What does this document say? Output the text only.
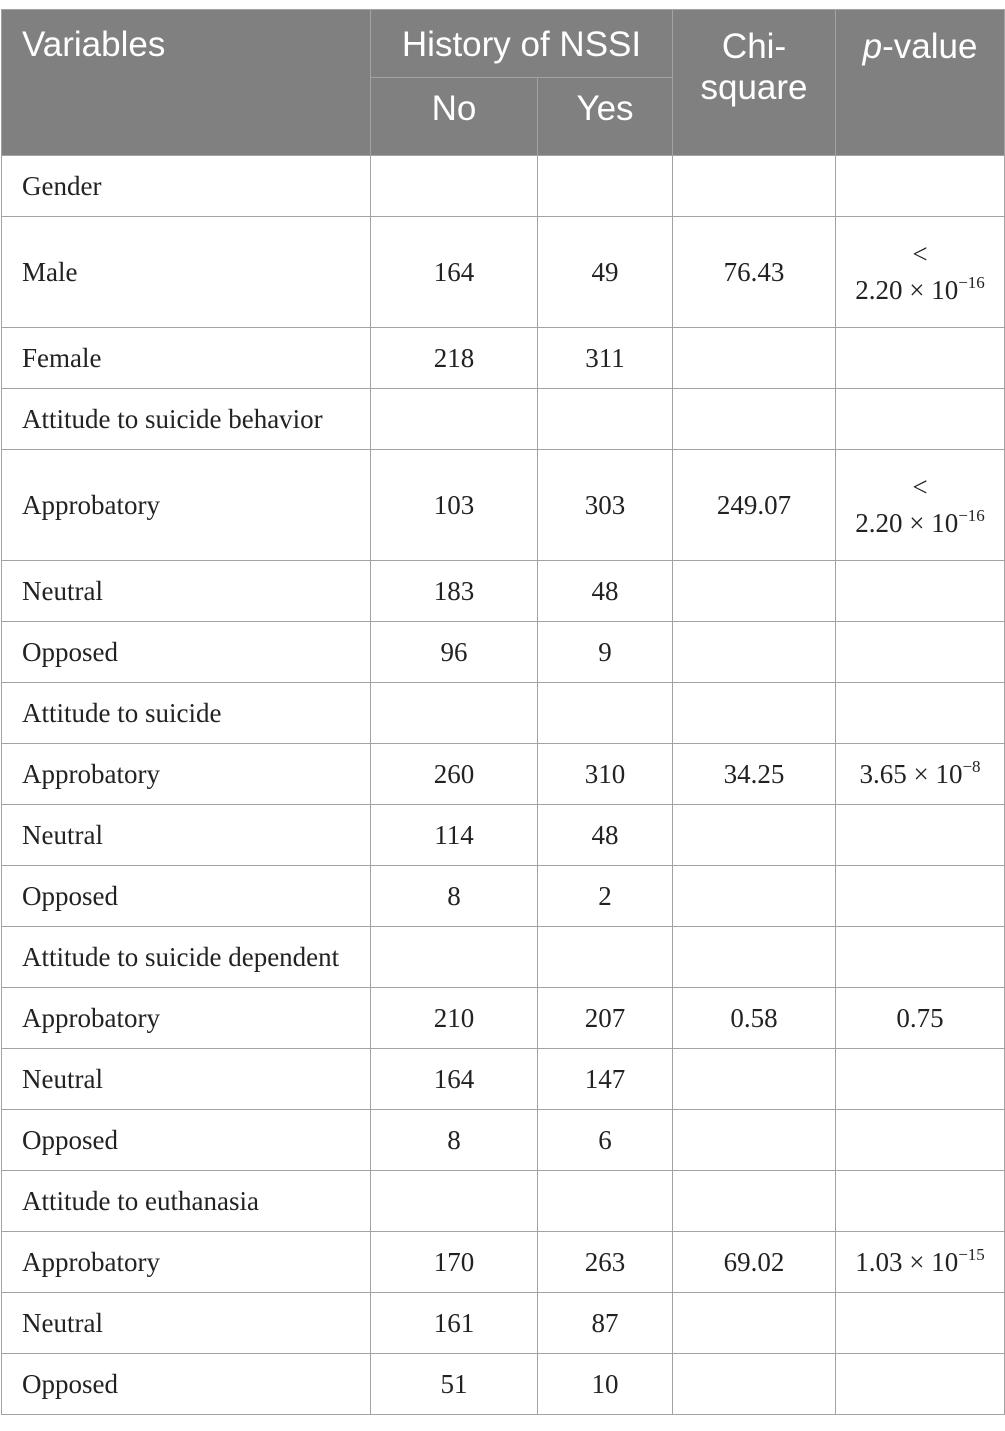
Variables	History of NSSI		Chi-square	p-value
	No	Yes		
Gender				
Male	164	49	76.43	<
$2.20 \times 10^{-16}$
Female	218	311		
Attitude to suicide behavior				
Approbatory	103	303	249.07	<
$2.20 \times 10^{-16}$
Neutral	183	48		
Opposed	96	9		
Attitude to suicide				
Approbatory	260	310	34.25	$3.65 \times 10^{-8}$
Neutral	114	48		
Opposed	8	2		
Attitude to suicide dependent				
Approbatory	210	207	0.58	0.75
Neutral	164	147		
Opposed	8	6		
Attitude to euthanasia				
Approbatory	170	263	69.02	$1.03 \times 10^{-15}$
Neutral	161	87		
Opposed	51	10		
